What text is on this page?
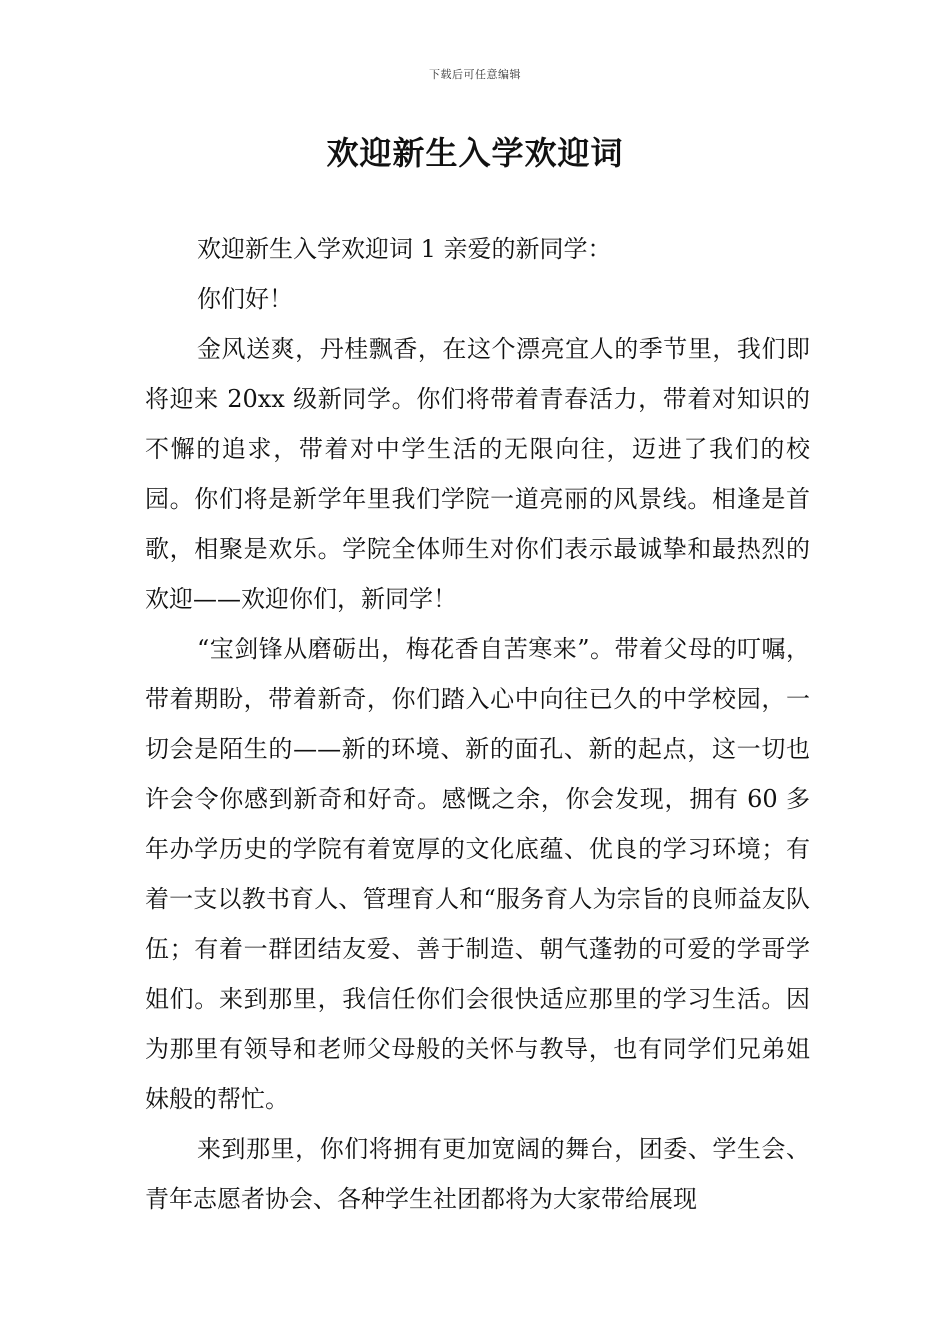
下载后可任意编辑
欢迎新生入学欢迎词

欢迎新生入学欢迎词 1 亲爱的新同学：

你们好！

金风送爽，丹桂飘香，在这个漂亮宜人的季节里，我们即将迎来 20xx 级新同学。你们将带着青春活力，带着对知识的不懈的追求，带着对中学生活的无限向往，迈进了我们的校园。你们将是新学年里我们学院一道亮丽的风景线。相逢是首歌，相聚是欢乐。学院全体师生对你们表示最诚挚和最热烈的欢迎——欢迎你们，新同学！

“宝剑锋从磨砺出，梅花香自苦寒来”。带着父母的叮嘱，带着期盼，带着新奇，你们踏入心中向往已久的中学校园，一切会是陌生的——新的环境、新的面孔、新的起点，这一切也许会令你感到新奇和好奇。感慨之余，你会发现，拥有 60 多年办学历史的学院有着宽厚的文化底蕴、优良的学习环境；有着一支以教书育人、管理育人和“服务育人为宗旨的良师益友队伍；有着一群团结友爱、善于制造、朝气蓬勃的可爱的学哥学姐们。来到那里，我信任你们会很快适应那里的学习生活。因为那里有领导和老师父母般的关怀与教导，也有同学们兄弟姐妹般的帮忙。

来到那里，你们将拥有更加宽阔的舞台，团委、学生会、青年志愿者协会、各种学生社团都将为大家带给展现
